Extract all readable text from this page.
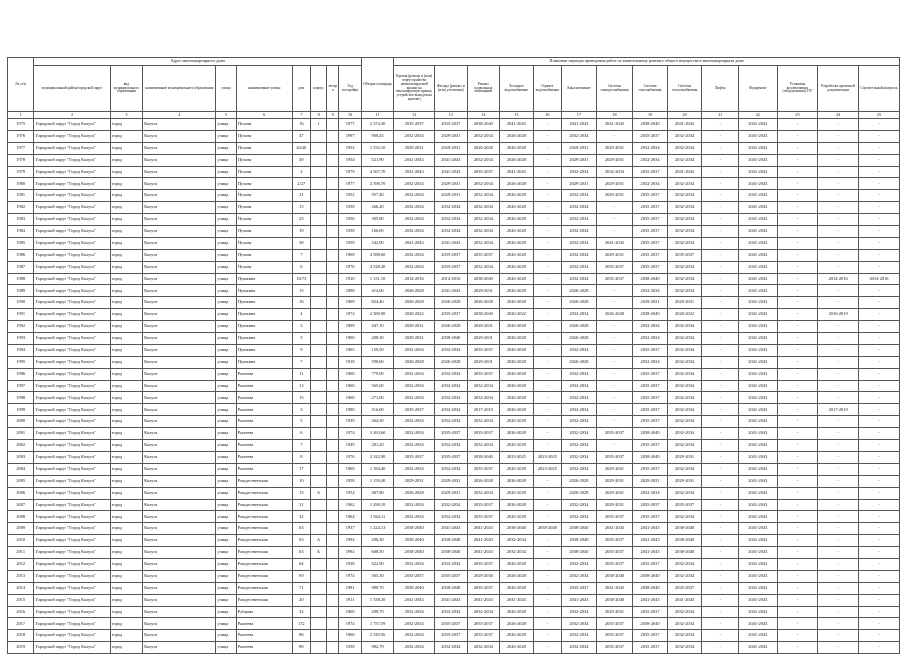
№ п/п	Адрес многоквартирного дома									Общая площадь	Плановые периоды проведения работ по капитальному ремонту общего имущества в многоквартирном доме													
	муниципальный район/городской округ	вид муниципального образования	наименование муниципального образования	улица	наименование улицы	дом	корпус	литера	Год постройки		Кровля (ремонт и (или) переустройство невентилируемой крыши на вентилируемую крышу, устройство выходов на кровлю)	Фасады (ремонт и (или) утепление)	Ремонт подвальных помещений	Холодное водоснабжение	Горячее водоснабжение	Канализование	Система электроснабжения	Система газоснабжения	Система теплоснабжения	Лифты	Фундамент	Установка коллективных (общедомовых) ПУ	Разработка проектной документации	Строительный контроль
1	2	3	4	5	6	7	8	9	10	11	12	13	14	15	16	17	18	19	20	21	22	23	24	25
1975	Городской округ "Город Калуга"	город	Калуга	улица	Пухова	16	1		1977	2 374,30	2035-2037	2035-2037	2038-2040	2041-2043	-	2041-2043	2041-2043	2038-2040	2041-2043	-	2041-2043	-	-	-
1976	Городской округ "Город Калуга"	город	Калуга	улица	Пухова	47			1997	900,45	2032-2034	2029-2031	2032-2034	2026-2028	-	2032-2034	-	2035-2037	2032-2034	-	2041-2043	-	-	-
1977	Городской округ "Город Калуга"	город	Калуга	улица	Пухова	44/26			1952	1 532,10	2029-2031	2029-2031	2026-2028	2026-2028	-	2029-2031	2029-2031	2032-2034	2032-2034	-	2041-2043	-	-	-
1978	Городской округ "Город Калуга"	город	Калуга	улица	Пухова	49			1954	521,90	2041-2043	2041-2043	2032-2034	2026-2028	-	2029-2031	2029-2031	2032-2034	2032-2034	-	2041-2043	-	-	-
1979	Городской округ "Город Калуга"	город	Калуга	улица	Пухова	2			1979	4 567,70	2041-2043	2041-2043	2035-2037	2041-2043	-	2032-2034	2032-2034	2035-2037	2041-2043	-	2041-2043	-	-	-
1980	Городской округ "Город Калуга"	город	Калуга	улица	Пухова	2/27			1977	2 390,70	2032-2034	2029-2031	2032-2034	2026-2028	-	2029-2031	2029-2031	2032-2034	2032-2034	-	2041-2043	-	-	-
1981	Городской округ "Город Калуга"	город	Калуга	улица	Пухова	21			1952	957,40	2032-2034	2029-2031	2032-2034	2026-2028	-	2032-2034	2029-2031	2035-2037	2032-2034	-	2041-2043	-	-	-
1982	Городской округ "Город Калуга"	город	Калуга	улица	Пухова	15			1958	266,20	2032-2034	2032-2034	2032-2034	2026-2028	-	2032-2034	-	2035-2037	2032-2034	-	2041-2043	-	-	-
1983	Городской округ "Город Калуга"	город	Калуга	улица	Пухова	25			1956	305,80	2032-2034	2032-2034	2032-2034	2026-2028	-	2032-2034	-	2035-2037	2032-2034	-	2041-2043	-	-	-
1984	Городской округ "Город Калуга"	город	Калуга	улица	Пухова	19			1958	166,00	2032-2034	2032-2034	2032-2034	2026-2028	-	2032-2034	-	2035-2037	2032-2034	-	2041-2043	-	-	-
1985	Городской округ "Город Калуга"	город	Калуга	улица	Пухова	38			1959	342,90	2041-2043	2041-2043	2032-2034	2026-2028	-	2032-2034	2041-2043	2035-2037	2032-2034	-	2041-2043	-	-	-
1986	Городской округ "Город Калуга"	город	Калуга	улица	Пухова	7			1969	4 588,60	2032-2034	2035-2037	2035-2037	2026-2028	-	2032-2034	2029-2031	2035-2037	2035-2037	-	2041-2043	-	-	-
1987	Городской округ "Город Калуга"	город	Калуга	улица	Пухова	6			1976	4 528,40	2032-2034	2035-2037	2032-2034	2026-2028	-	2032-2034	2035-2037	2035-2037	2032-2034	-	2041-2043	-	-	-
1988	Городской округ "Город Калуга"	город	Калуга	улица	Пушкина	16/73			1910	1 151,10	2014-2016	2014-2016	2038-2040	2026-2028	-	2032-2034	2035-2037	2038-2040	2032-2034	-	2041-2043	-	2014-2016	2014-2016
1989	Городской округ "Город Калуга"	город	Калуга	улица	Пушкина	15			1898	414,00	2026-2028	2041-2043	2029-2031	2026-2028	-	2026-2028	-	2032-2034	2032-2034	-	2041-2043	-	-	-
1990	Городской округ "Город Калуга"	город	Калуга	улица	Пушкина	16			1969	824,40	2026-2028	2026-2028	2026-2028	2026-2028	-	2026-2028	-	2029-2031	2029-2031	-	2041-2043	-	-	-
1991	Городской округ "Город Калуга"	город	Калуга	улица	Пушкина	4			1972	2 580,90	2020-2022	2035-2037	2038-2040	2020-2022	-	2032-2034	2026-2028	2038-2040	2020-2022	-	2041-2043	-	2016-2019	-
1992	Городской округ "Город Калуга"	город	Калуга	улица	Пушкина	3			1899	447,10	2029-2031	2026-2028	2029-2031	2026-2028	-	2026-2028	-	2032-2034	2032-2034	-	2041-2043	-	-	-
1993	Городской округ "Город Калуга"	город	Калуга	улица	Пушкина	5			1900	208,30	2029-2031	2038-2040	2029-2031	2026-2028	-	2026-2028	-	2032-2034	2032-2034	-	2041-2043	-	-	-
1994	Городской округ "Город Калуга"	город	Калуга	улица	Пушкина	9			1965	159,50	2032-2034	2032-2034	2035-2037	2026-2028	-	2032-2034	-	2035-2037	2032-2034	-	2041-2043	-	-	-
1995	Городской округ "Город Калуга"	город	Калуга	улица	Пушкина	7			1918	590,60	2026-2028	2026-2028	2029-2031	2026-2028	-	2026-2028	-	2032-2034	2032-2034	-	2041-2043	-	-	-
1996	Городской округ "Город Калуга"	город	Калуга	улица	Рылеева	11			1960	779,69	2032-2034	2032-2034	2035-2037	2026-2028	-	2032-2034	-	2035-2037	2032-2034	-	2041-2043	-	-	-
1997	Городской округ "Город Калуга"	город	Калуга	улица	Рылеева	13			1960	565,60	2032-2034	2032-2034	2032-2034	2026-2028	-	2032-2034	-	2035-2037	2032-2034	-	2041-2043	-	-	-
1998	Городской округ "Город Калуга"	город	Калуга	улица	Рылеева	15			1960	271,60	2032-2034	2032-2034	2032-2034	2026-2028	-	2032-2034	-	2035-2037	2032-2034	-	2041-2043	-	-	-
1999	Городской округ "Город Калуга"	город	Калуга	улица	Рылеева	3			1980	516,00	2035-2037	2032-2034	2017-2019	2026-2028	-	2032-2034	-	2035-2037	2032-2034	-	2041-2043	-	2017-2019	-
2000	Городской округ "Город Калуга"	город	Калуга	улица	Рылеева	5			1939	264,30	2032-2034	2032-2034	2032-2034	2026-2028	-	2032-2034	-	2035-2037	2032-2034	-	2041-2043	-	-	-
2001	Городской округ "Город Калуга"	город	Калуга	улица	Рылеева	6			1974	3 263,60	2032-2034	2035-2037	2035-2037	2026-2028	-	2032-2034	2035-2037	2038-2040	2032-2034	-	2041-2043	-	-	-
2002	Городской округ "Город Калуга"	город	Калуга	улица	Рылеева	7			1949	281,20	2032-2034	2032-2034	2032-2034	2026-2028	-	2032-2034	-	2035-2037	2032-2034	-	2041-2043	-	-	-
2003	Городской округ "Город Калуга"	город	Калуга	улица	Рылеева	8			1976	2 322,90	2035-2037	2035-2037	2038-2040	2023-2025	2023-2025	2032-2034	2035-2037	2038-2040	2029-2031	-	2041-2043	-	-	-
2004	Городской округ "Город Калуга"	город	Калуга	улица	Рылеева	17			1969	1 184,40	2032-2034	2032-2034	2035-2037	2026-2028	2023-2025	2032-2034	2029-2031	2035-2037	2032-2034	-	2041-2043	-	-	-
2005	Городской округ "Город Калуга"	город	Калуга	улица	Рождественская	10			1958	1 159,40	2029-2031	2029-2031	2026-2028	2026-2028	-	2026-2028	2029-2031	2029-2031	2029-2031	-	2041-2043	-	-	-
2006	Городской округ "Город Калуга"	город	Калуга	улица	Рождественская	15	А		1954	487,80	2026-2028	2029-2031	2032-2034	2026-2028	-	2026-2028	2029-2031	2032-2034	2032-2034	-	2041-2043	-	-	-
2007	Городской округ "Город Калуга"	город	Калуга	улица	Рождественская	31			1962	1 290,10	2032-2034	2032-2034	2035-2037	2026-2028	-	2032-2034	2029-2031	2035-2037	2035-2037	-	2041-2043	-	-	-
2008	Городской округ "Город Калуга"	город	Калуга	улица	Рождественская	32			1964	1 564,11	2032-2034	2032-2034	2035-2037	2026-2028	-	2032-2034	2035-2037	2035-2037	2032-2034	-	2041-2043	-	-	-
2009	Городской округ "Город Калуга"	город	Калуга	улица	Рождественская	63			1937	1 224,13	2038-2040	2041-2043	2041-2043	2038-2040	2038-2040	2038-2040	2041-2043	2041-2043	2038-2040	-	2041-2043	-	-	-
2010	Городской округ "Город Калуга"	город	Калуга	улица	Рождественская	63	А		1992	296,30	2038-2040	2038-2040	2041-2043	2032-2034	-	2038-2040	2035-2037	2041-2043	2038-2040	-	2041-2043	-	-	-
2011	Городской округ "Город Калуга"	город	Калуга	улица	Рождественская	63	Б		1992	608,50	2038-2040	2038-2040	2041-2043	2032-2034	-	2038-2040	2035-2037	2041-2043	2038-2040	-	2041-2043	-	-	-
2012	Городской округ "Город Калуга"	город	Калуга	улица	Рождественская	64			1938	622,90	2032-2034	2032-2034	2035-2037	2026-2028	-	2032-2034	2035-2037	2035-2037	2032-2034	-	2041-2043	-	-	-
2013	Городской округ "Город Калуга"	город	Калуга	улица	Рождественская	69			1974	565,30	2035-2037	2035-2037	2029-2030	2026-2028	-	2032-2034	2038-2040	2038-2040	2032-2034	-	2041-2043	-	-	-
2014	Городской округ "Город Калуга"	город	Калуга	улица	Рождественская	71			1981	980,70	2038-2040	2038-2040	2035-2037	2026-2028	-	2035-2037	2041-2043	2038-2040	2035-2037	-	2041-2043	-	-	-
2015	Городской округ "Город Калуга"	город	Калуга	улица	Рождественская	20			1911	1 538,20	2041-2043	2041-2043	2041-2043	2041-2043	-	2041-2043	2038-2040	2041-2043	2041-2043	-	2041-2043	-	-	-
2016	Городской округ "Город Калуга"	город	Калуга	улица	Рубцова	32			1960	299,70	2032-2034	2032-2034	2032-2034	2026-2028	-	2032-2034	2029-2031	2035-2037	2032-2034	-	2041-2043	-	-	-
2017	Городской округ "Город Калуга"	город	Калуга	улица	Рылеева	172			1974	1 757,59	2032-2034	2035-2037	2035-2037	2026-2028	-	2032-2034	2035-2037	2038-2040	2032-2034	-	2041-2043	-	-	-
2018	Городской округ "Город Калуга"	город	Калуга	улица	Рылеева	86			1966	2 549,56	2032-2034	2035-2037	2035-2037	2026-2028	-	2032-2034	2035-2037	2035-2037	2032-2034	-	2041-2043	-	-	-
2019	Городской округ "Город Калуга"	город	Калуга	улица	Рылеева	88			1958	982,79	2032-2034	2032-2034	2032-2034	2026-2028	-	2032-2034	2035-2037	2035-2037	2032-2034	-	2041-2043	-	-	-
